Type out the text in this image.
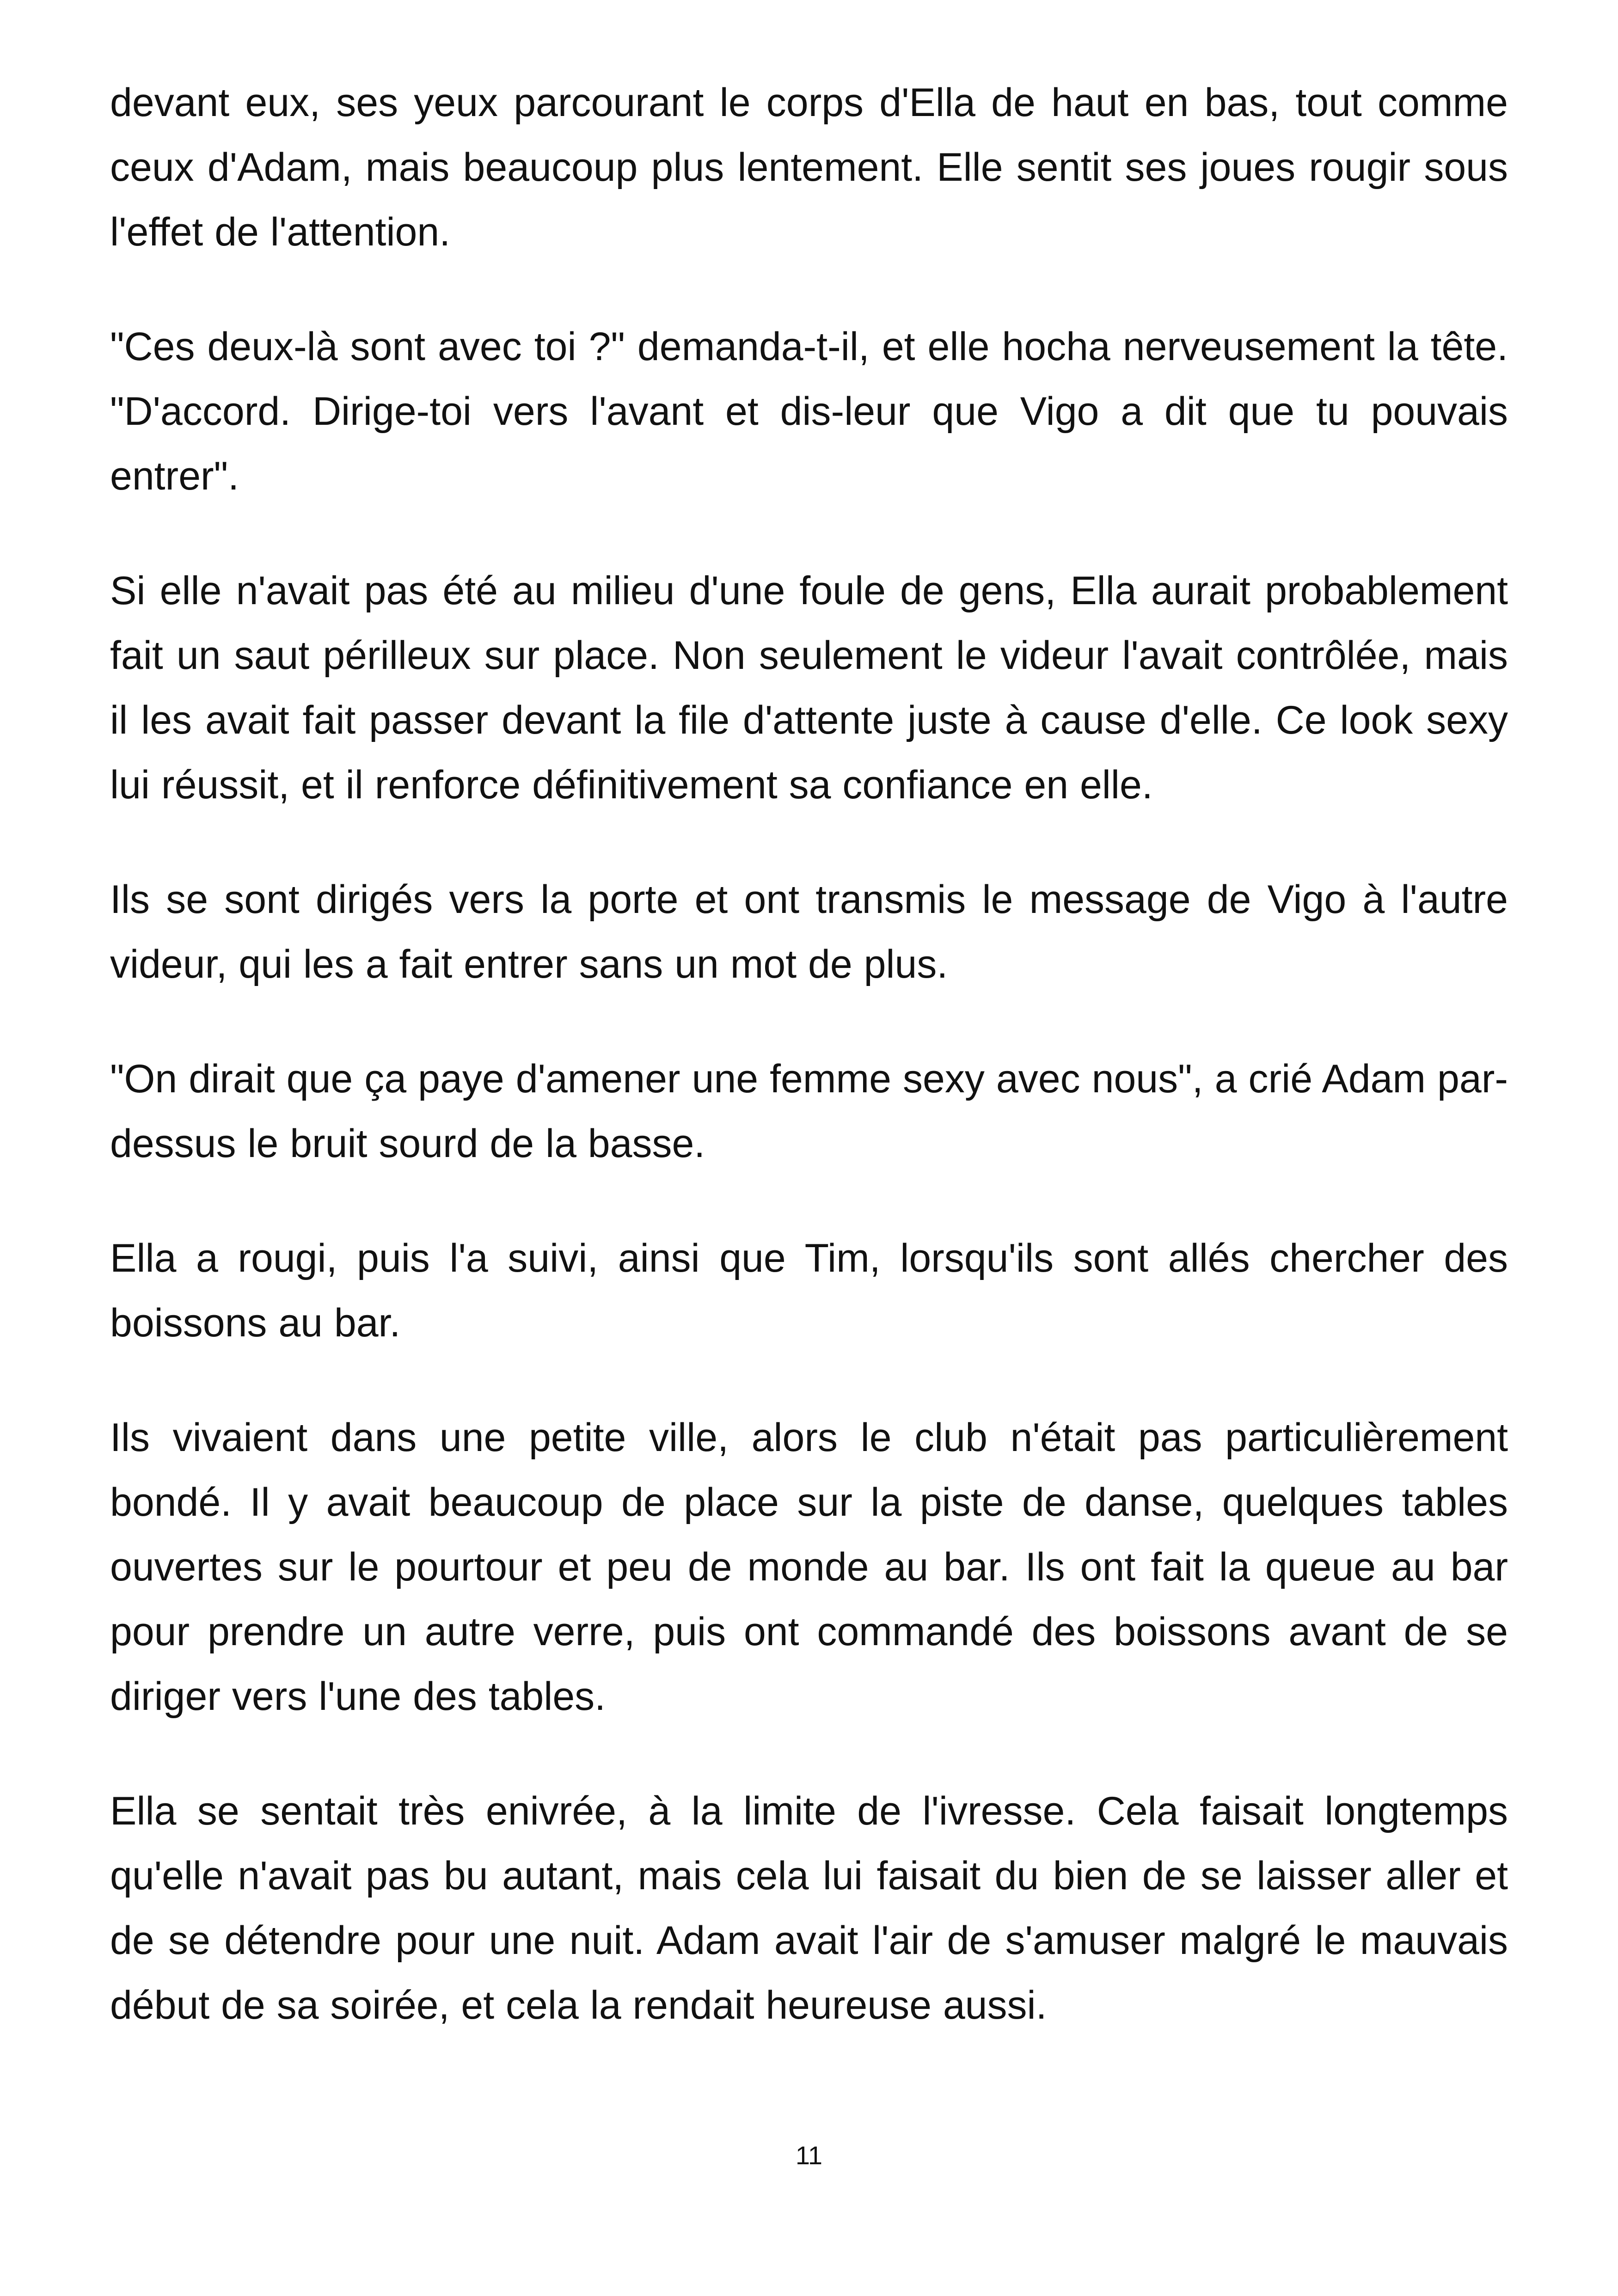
devant eux, ses yeux parcourant le corps d'Ella de haut en bas, tout comme ceux d'Adam, mais beaucoup plus lentement. Elle sentit ses joues rougir sous l'effet de l'attention.

"Ces deux-là sont avec toi ?" demanda-t-il, et elle hocha nerveusement la tête. "D'accord. Dirige-toi vers l'avant et dis-leur que Vigo a dit que tu pouvais entrer".

Si elle n'avait pas été au milieu d'une foule de gens, Ella aurait probablement fait un saut périlleux sur place. Non seulement le videur l'avait contrôlée, mais il les avait fait passer devant la file d'attente juste à cause d'elle. Ce look sexy lui réussit, et il renforce définitivement sa confiance en elle.

Ils se sont dirigés vers la porte et ont transmis le message de Vigo à l'autre videur, qui les a fait entrer sans un mot de plus.

"On dirait que ça paye d'amener une femme sexy avec nous", a crié Adam par-dessus le bruit sourd de la basse.

Ella a rougi, puis l'a suivi, ainsi que Tim, lorsqu'ils sont allés chercher des boissons au bar.

Ils vivaient dans une petite ville, alors le club n'était pas particulièrement bondé. Il y avait beaucoup de place sur la piste de danse, quelques tables ouvertes sur le pourtour et peu de monde au bar. Ils ont fait la queue au bar pour prendre un autre verre, puis ont commandé des boissons avant de se diriger vers l'une des tables.

Ella se sentait très enivrée, à la limite de l'ivresse. Cela faisait longtemps qu'elle n'avait pas bu autant, mais cela lui faisait du bien de se laisser aller et de se détendre pour une nuit. Adam avait l'air de s'amuser malgré le mauvais début de sa soirée, et cela la rendait heureuse aussi.

11
